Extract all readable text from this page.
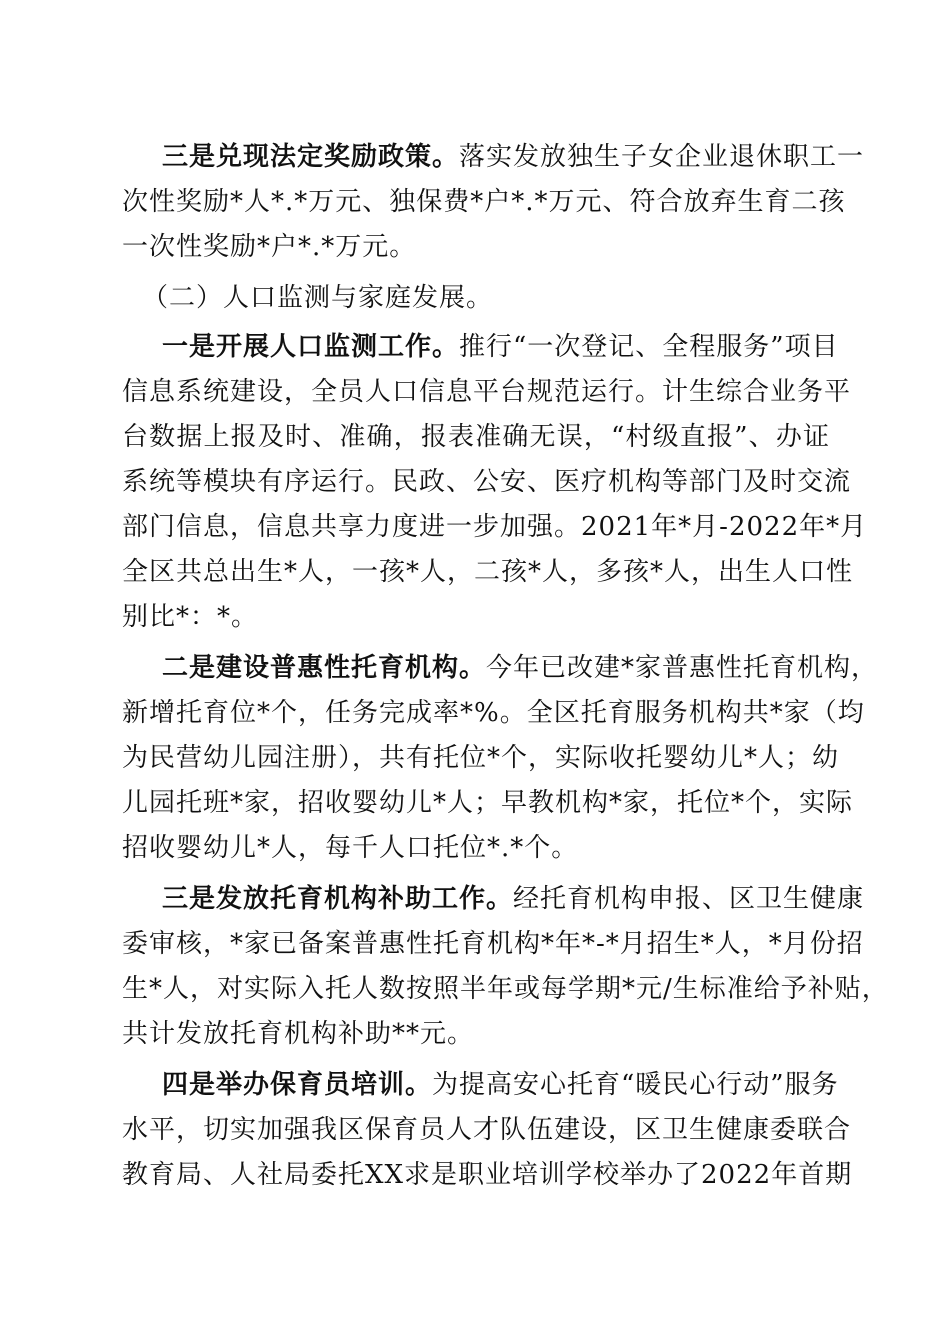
三是兑现法定奖励政策。落实发放独生子女企业退休职工一
次性奖励*人*.*万元、独保费*户*.*万元、符合放弃生育二孩
一次性奖励*户*.*万元。
（二）人口监测与家庭发展。
一是开展人口监测工作。推行“一次登记、全程服务”项目
信息系统建设，全员人口信息平台规范运行。计生综合业务平
台数据上报及时、准确，报表准确无误，“村级直报”、办证
系统等模块有序运行。民政、公安、医疗机构等部门及时交流
部门信息，信息共享力度进一步加强。2021年*月-2022年*月
全区共总出生*人，一孩*人，二孩*人，多孩*人，出生人口性
别比*：*。
二是建设普惠性托育机构。今年已改建*家普惠性托育机构，
新增托育位*个，任务完成率*%。全区托育服务机构共*家（均
为民营幼儿园注册），共有托位*个，实际收托婴幼儿*人；幼
儿园托班*家，招收婴幼儿*人；早教机构*家，托位*个，实际
招收婴幼儿*人，每千人口托位*.*个。
三是发放托育机构补助工作。经托育机构申报、区卫生健康
委审核，*家已备案普惠性托育机构*年*-*月招生*人，*月份招
生*人，对实际入托人数按照半年或每学期*元/生标准给予补贴，
共计发放托育机构补助**元。
四是举办保育员培训。为提高安心托育“暖民心行动”服务
水平，切实加强我区保育员人才队伍建设，区卫生健康委联合
教育局、人社局委托XX求是职业培训学校举办了2022年首期
